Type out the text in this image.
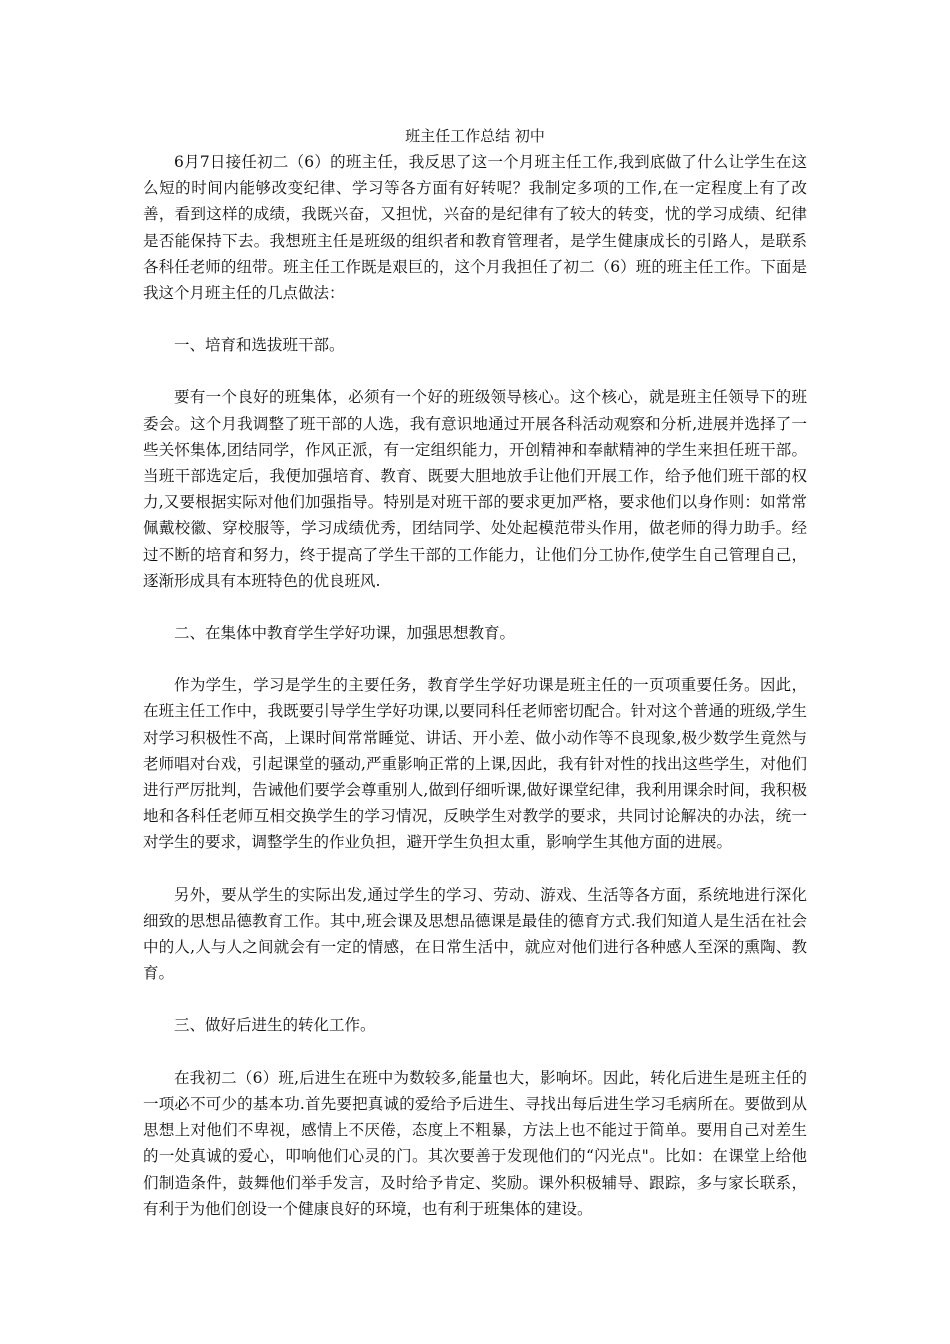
班主任工作总结 初中

6月7日接任初二（6）的班主任，我反思了这一个月班主任工作,我到底做了什么让学生在这么短的时间内能够改变纪律、学习等各方面有好转呢？我制定多项的工作,在一定程度上有了改善，看到这样的成绩，我既兴奋，又担忧，兴奋的是纪律有了较大的转变，忧的学习成绩、纪律是否能保持下去。我想班主任是班级的组织者和教育管理者，是学生健康成长的引路人，是联系各科任老师的纽带。班主任工作既是艰巨的，这个月我担任了初二（6）班的班主任工作。下面是我这个月班主任的几点做法：

一、培育和选拔班干部。

要有一个良好的班集体，必须有一个好的班级领导核心。这个核心，就是班主任领导下的班委会。这个月我调整了班干部的人选，我有意识地通过开展各科活动观察和分析,进展并选择了一些关怀集体,团结同学，作风正派，有一定组织能力，开创精神和奉献精神的学生来担任班干部。当班干部选定后，我便加强培育、教育、既要大胆地放手让他们开展工作，给予他们班干部的权力,又要根据实际对他们加强指导。特别是对班干部的要求更加严格，要求他们以身作则：如常常佩戴校徽、穿校服等，学习成绩优秀，团结同学、处处起模范带头作用，做老师的得力助手。经过不断的培育和努力，终于提高了学生干部的工作能力，让他们分工协作,使学生自己管理自己，逐渐形成具有本班特色的优良班风.

二、在集体中教育学生学好功课，加强思想教育。

作为学生，学习是学生的主要任务，教育学生学好功课是班主任的一页项重要任务。因此，在班主任工作中，我既要引导学生学好功课,以要同科任老师密切配合。针对这个普通的班级,学生对学习积极性不高，上课时间常常睡觉、讲话、开小差、做小动作等不良现象,极少数学生竟然与老师唱对台戏，引起课堂的骚动,严重影响正常的上课,因此，我有针对性的找出这些学生，对他们进行严厉批判，告诫他们要学会尊重别人,做到仔细听课,做好课堂纪律，我利用课余时间，我积极地和各科任老师互相交换学生的学习情况，反映学生对教学的要求，共同讨论解决的办法，统一对学生的要求，调整学生的作业负担，避开学生负担太重，影响学生其他方面的进展。

另外，要从学生的实际出发,通过学生的学习、劳动、游戏、生活等各方面，系统地进行深化细致的思想品德教育工作。其中,班会课及思想品德课是最佳的德育方式.我们知道人是生活在社会中的人,人与人之间就会有一定的情感，在日常生活中，就应对他们进行各种感人至深的熏陶、教育。

三、做好后进生的转化工作。

在我初二（6）班,后进生在班中为数较多,能量也大，影响坏。因此，转化后进生是班主任的一项必不可少的基本功.首先要把真诚的爱给予后进生、寻找出每后进生学习毛病所在。要做到从思想上对他们不卑视，感情上不厌倦，态度上不粗暴，方法上也不能过于简单。要用自己对差生的一处真诚的爱心，叩响他们心灵的门。其次要善于发现他们的“闪光点"。比如：在课堂上给他们制造条件，鼓舞他们举手发言，及时给予肯定、奖励。课外积极辅导、跟踪，多与家长联系，有利于为他们创设一个健康良好的环境，也有利于班集体的建设。
